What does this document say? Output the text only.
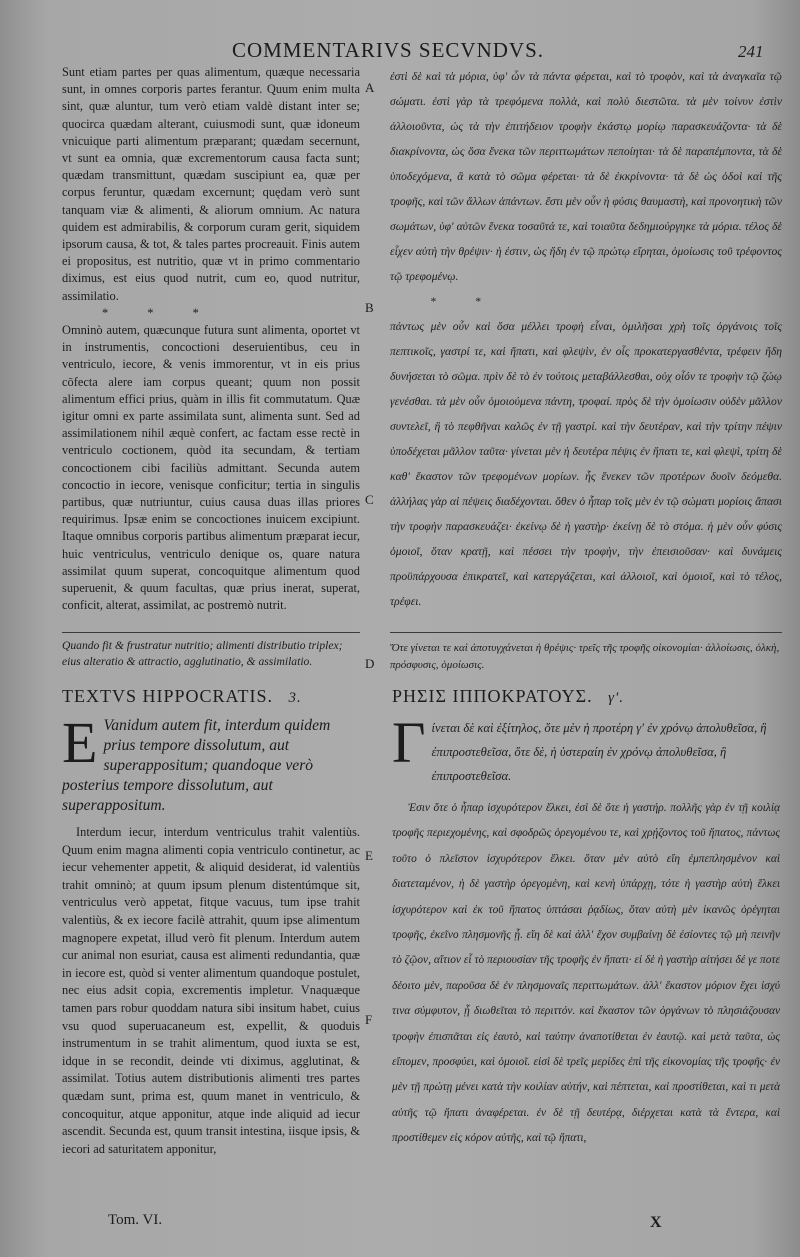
COMMENTARIVS SECVNDVS.	241

Sunt etiam partes per quas alimentum, quæque necessaria sunt, in omnes corporis partes ferantur. Quum enim multa sint, quæ aluntur, tum verò etiam valdè distant inter se; quocirca quædam alterant, cuiusmodi sunt, quæ idoneum vnicuique parti alimentum præparant; quædam secernunt, vt sunt ea omnia, quæ excrementorum causa facta sunt; quædam transmittunt, quædam suscipiunt ea, quæ per corpus feruntur, quædam excernunt; quędam verò sunt tanquam viæ & alimenti, & aliorum omnium. Ac natura quidem est admirabilis, & corporum curam gerit, siquidem ipsorum causa, & tot, & tales partes procreauit. Finis autem ei propositus, est nutritio, quæ vt in primo commentario diximus, est eius quod nutrit, cum eo, quod nutritur, assimilatio.

* * *

Omninò autem, quæcunque futura sunt alimenta, oportet vt in instrumentis, concoctioni deseruientibus, ceu in ventriculo, iecore, & venis immorentur, vt in eis prius cōfecta alere iam corpus queant; quum non possit alimentum effici prius, quàm in illis fit commutatum. Quæ igitur omni ex parte assimilata sunt, alimenta sunt. Sed ad assimilationem nihil æquè confert, ac factam esse rectè in ventriculo coctionem, quòd ita secundam, & tertiam concoctionem cibi faciliùs admittant. Secunda autem concoctio in iecore, venisque conficitur; tertia in singulis partibus, quæ nutriuntur, cuius causa duas illas priores requirimus. Ipsæ enim se concoctiones inuicem excipiunt. Itaque omnibus corporis partibus alimentum præparat iecur, huic ventriculus, ventriculo denique os, quare natura assimilat quum superat, concoquitque alimentum quod superuenit, & quum facultas, quæ prius inerat, superat, conficit, alterat, assimilat, ac postremò nutrit.

ἐστὶ δὲ καὶ τὰ μόρια, ὑφ' ὧν τὰ πάντα φέρεται, καὶ τὸ τροφὸν, καὶ τὰ ἀναγκαῖα τῷ σώματι. ἐστὶ γὰρ τὰ τρεφόμενα πολλὰ, καὶ πολὺ διεστῶτα. τὰ μὲν τοίνυν ἐστὶν ἀλλοιοῦντα, ὡς τὰ τὴν ἐπιτήδειον τροφὴν ἑκάστῳ μορίῳ παρασκευάζοντα· τὰ δὲ διακρίνοντα, ὡς ὅσα ἕνεκα τῶν περιττωμάτων πεποίηται· τὰ δὲ παραπέμποντα, τὰ δὲ ὑποδεχόμενα, ἃ κατὰ τὸ σῶμα φέρεται· τὰ δὲ ἐκκρίνοντα· τὰ δὲ ὡς ὁδοὶ καὶ τῆς τροφῆς, καὶ τῶν ἄλλων ἁπάντων. ἔστι μὲν οὖν ἡ φύσις θαυμαστὴ, καὶ προνοητικὴ τῶν σωμάτων, ὑφ' αὐτῶν ἕνεκα τοσαῦτά τε, καὶ τοιαῦτα δεδημιούργηκε τὰ μόρια. τέλος δὲ εἶχεν αὐτὴ τὴν θρέψιν· ἡ ἐστιν, ὡς ἤδη ἐν τῷ πρώτῳ εἴρηται, ὁμοίωσις τοῦ τρέφοντος τῷ τρεφομένῳ.

* *

πάντως μὲν οὖν καὶ ὅσα μέλλει τροφὴ εἶναι, ὁμιλῆσαι χρὴ τοῖς ὀργάνοις τοῖς πεπτικοῖς, γαστρί τε, καὶ ἥπατι, καὶ φλεψὶν, ἐν οἷς προκατεργασθέντα, τρέφειν ἤδη δυνήσεται τὸ σῶμα. πρὶν δὲ τὸ ἐν τούτοις μεταβάλλεσθαι, οὐχ οἷόν τε τροφὴν τῷ ζώῳ γενέσθαι. τὰ μὲν οὖν ὁμοιούμενα πάντη, τροφαί. πρὸς δὲ τὴν ὁμοίωσιν οὐδὲν μᾶλλον συντελεῖ, ἢ τὸ πεφθῆναι καλῶς ἐν τῇ γαστρί. καὶ τὴν δευτέραν, καὶ τὴν τρίτην πέψιν ὑποδέχεται μᾶλλον ταῦτα· γίνεται μὲν ἡ δευτέρα πέψις ἐν ἥπατι τε, καὶ φλεψὶ, τρίτη δὲ καθ' ἕκαστον τῶν τρεφομένων μορίων. ἧς ἕνεκεν τῶν προτέρων δυοῖν δεόμεθα. ἀλλήλας γὰρ αἱ πέψεις διαδέχονται. ὅθεν ὁ ἧπαρ τοῖς μὲν ἐν τῷ σώματι μορίοις ἅπασι τὴν τροφὴν παρασκευάζει· ἐκείνῳ δὲ ἡ γαστὴρ· ἐκείνῃ δὲ τὸ στόμα. ἡ μὲν οὖν φύσις ὁμοιοῖ, ὅταν κρατῇ, καὶ πέσσει τὴν τροφὴν, τὴν ἐπεισιοῦσαν· καὶ δυνάμεις προϋπάρχουσα ἐπικρατεῖ, καὶ κατεργάζεται, καὶ ἀλλοιοῖ, καὶ ὁμοιοῖ, καὶ τὸ τέλος, τρέφει.

A
B
C
D
E
F
Quando fit & frustratur nutritio; alimenti distributio triplex; eius alteratio & attractio, agglutinatio, & assimilatio.
Ὅτε γίνεται τε καὶ ἀποτυγχάνεται ἡ θρέψις· τρεῖς τῆς τροφῆς οἰκονομίαι· ἀλλοίωσις, ὁλκὴ, πρόσφυσις, ὁμοίωσις.
TEXTVS HIPPOCRATIS. 3.	ΡΗΣΙΣ ΙΠΠΟΚΡΑΤΟΥΣ. γ'.
E Vanidum autem fit, interdum quidem prius tempore dissolutum, aut superappositum; quandoque verò posterius tempore dissolutum, aut superappositum.
Interdum iecur, interdum ventriculus trahit valentiùs. Quum enim magna alimenti copia ventriculo continetur, ac iecur vehementer appetit, & aliquid desiderat, id valentiùs trahit omninò; at quum ipsum plenum distentúmque sit, ventriculus verò appetat, fitque vacuus, tum ipse trahit valentiùs, & ex iecore facilè attrahit, quum ipse alimentum magnopere expetat, illud verò fit plenum. Interdum autem cur animal non esuriat, causa est alimenti redundantia, quæ in iecore est, quòd si venter alimentum quandoque postulet, nec eius adsit copia, excrementis impletur. Vnaquæque tamen pars robur quoddam natura sibi insitum habet, cuius vsu quod superuacaneum est, expellit, & quoduis instrumentum in se trahit alimentum, quod iuxta se est, idque in se recondit, deinde vti diximus, agglutinat, & assimilat. Totius autem distributionis alimenti tres partes quædam sunt, prima est, quum manet in ventriculo, & concoquitur, atque apponitur, atque inde aliquid ad iecur ascendit. Secunda est, quum transit intestina, iisque ipsis, & iecori ad saturitatem apponitur,
Γ ίνεται δὲ καὶ ἐξίτηλος, ὅτε μὲν ἡ προτέρη γ' ἐν χρόνῳ ἀπολυθεῖσα, ἢ ἐπιπροστεθεῖσα, ὅτε δὲ, ἡ ὑστεραίη ἐν χρόνῳ ἀπολυθεῖσα, ἢ ἐπιπροστεθεῖσα.
Ἐσιν ὅτε ὁ ἧπαρ ἰσχυρότερον ἕλκει, ἐσὶ δὲ ὅτε ἡ γαστήρ. πολλῆς γὰρ ἐν τῇ κοιλίᾳ τροφῆς περιεχομένης, καὶ σφοδρῶς ὀρεγομένου τε, καὶ χρῄζοντος τοῦ ἥπατος, πάντως τοῦτο ὁ πλεῖστον ἰσχυρότερον ἕλκει. ὅταν μὲν αὐτὸ εἴη ἐμπεπλησμένον καὶ διατεταμένον, ἡ δὲ γαστὴρ ὀρεγομένη, καὶ κενὴ ὑπάρχῃ, τότε ἡ γαστὴρ αὐτὴ ἕλκει ἰσχυρότερον καὶ ἐκ τοῦ ἥπατος ὑπτάσαι ῥᾳδίως, ὅταν αὐτὴ μὲν ἱκανῶς ὀρέγηται τροφῆς, ἐκεῖνο πλησμονῆς ᾖ. εἴη δὲ καὶ ἀλλ' ἔχον συμβαίνῃ δὲ ἐσίοντες τῷ μὴ πεινῆν τὸ ζῷον, αἴτιον εἶ τὸ περιουσίαν τῆς τροφῆς ἐν ἥπατι· εἰ δὲ ἡ γαστὴρ αἰτήσει δέ γε ποτε δέοιτο μὲν, παροῦσα δὲ ἐν πλησμοναῖς περιττωμάτων. ἀλλ' ἕκαστον μόριον ἔχει ἰσχύ τινα σύμφυτον, ᾗ διωθεῖται τὸ περιττόν. καὶ ἕκαστον τῶν ὀργάνων τὸ πλησιάζουσαν τροφὴν ἐπισπᾶται εἰς ἑαυτὸ, καὶ ταύτην ἀναποτίθεται ἐν ἑαυτῷ. καὶ μετὰ ταῦτα, ὡς εἴπομεν, προσφύει, καὶ ὁμοιοῖ. εἰσὶ δὲ τρεῖς μερίδες ἐπὶ τῆς εἰκονομίας τῆς τροφῆς· ἐν μὲν τῇ πρώτῃ μένει κατὰ τὴν κοιλίαν αὐτήν, καὶ πέπτεται, καὶ προστίθεται, καὶ τι μετὰ αὐτῆς τῷ ἥπατι ἀναφέρεται. ἐν δὲ τῇ δευτέρᾳ, διέρχεται κατὰ τὰ ἔντερα, καὶ προστίθεμεν εἰς κόρον αὐτῆς, καὶ τῷ ἥπατι,
Tom. VI.	X
